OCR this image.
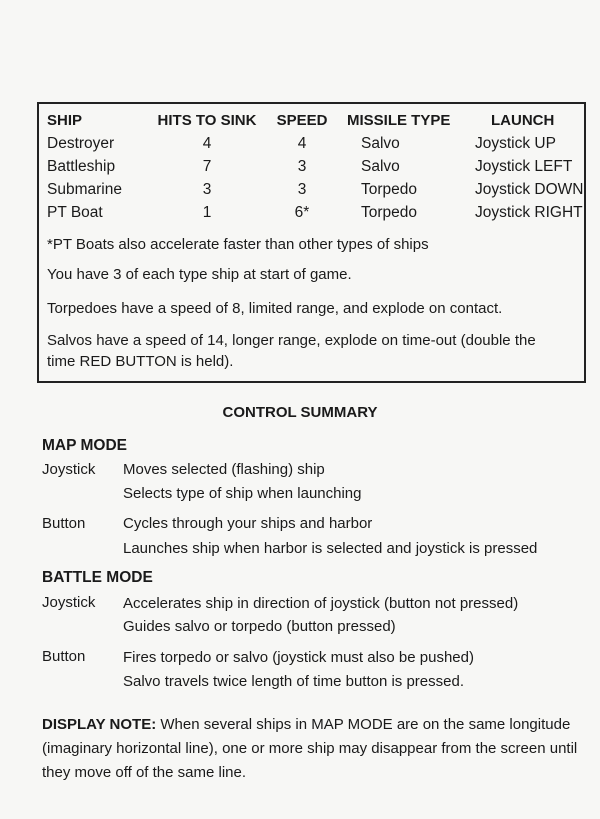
SHIP	HITS TO SINK	SPEED	MISSILE TYPE	LAUNCH
Destroyer	4	4	Salvo	Joystick UP
Battleship	7	3	Salvo	Joystick LEFT
Submarine	3	3	Torpedo	Joystick DOWN
PT Boat	1	6*	Torpedo	Joystick RIGHT
*PT Boats also accelerate faster than other types of ships
You have 3 of each type ship at start of game.
Torpedoes have a speed of 8, limited range, and explode on contact.
Salvos have a speed of 14, longer range, explode on time-out (double the
time RED BUTTON is held).
CONTROL SUMMARY
MAP MODE
Joystick Moves selected (flashing) ship
Selects type of ship when launching
Button	Cycles through your ships and harbor
Launches ship when harbor is selected and joystick is pressed
BATTLE MODE
Joystick Accelerates ship in direction of joystick (button not pressed)
Guides salvo or torpedo (button pressed)
Button	Fires torpedo or salvo (joystick must also be pushed)
Salvo travels twice length of time button is pressed.
DISPLAY NOTE: When several ships in MAP MODE are on the same longitude (imaginary horizontal line), one or more ship may disappear from the screen until they move off of the same line.
